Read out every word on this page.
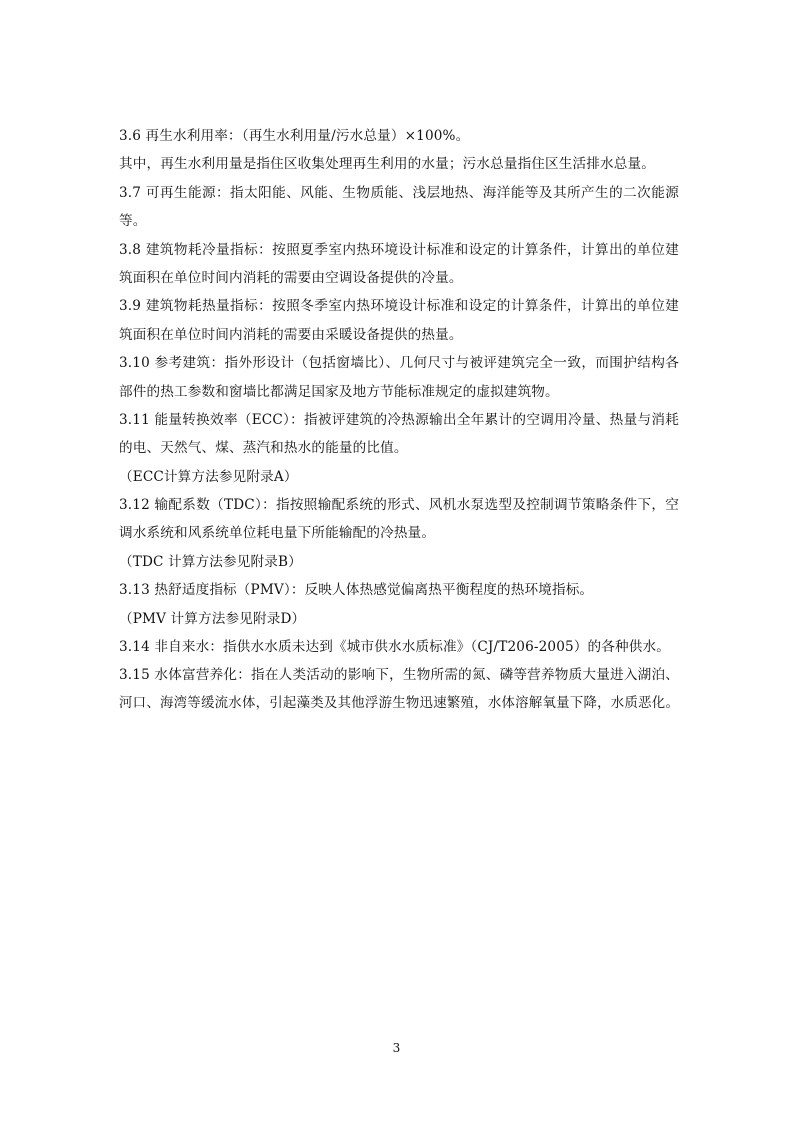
3.6 再生水利用率：（再生水利用量/污水总量）×100%。
其中，再生水利用量是指住区收集处理再生利用的水量；污水总量指住区生活排水总量。
3.7 可再生能源：指太阳能、风能、生物质能、浅层地热、海洋能等及其所产生的二次能源
等。
3.8 建筑物耗冷量指标：按照夏季室内热环境设计标准和设定的计算条件，计算出的单位建
筑面积在单位时间内消耗的需要由空调设备提供的冷量。
3.9 建筑物耗热量指标：按照冬季室内热环境设计标准和设定的计算条件，计算出的单位建
筑面积在单位时间内消耗的需要由采暖设备提供的热量。
3.10 参考建筑：指外形设计（包括窗墙比）、几何尺寸与被评建筑完全一致，而围护结构各
部件的热工参数和窗墙比都满足国家及地方节能标准规定的虚拟建筑物。
3.11 能量转换效率（ECC）：指被评建筑的冷热源输出全年累计的空调用冷量、热量与消耗
的电、天然气、煤、蒸汽和热水的能量的比值。
（ECC计算方法参见附录A）
3.12 输配系数（TDC）：指按照输配系统的形式、风机水泵选型及控制调节策略条件下，空
调水系统和风系统单位耗电量下所能输配的冷热量。
（TDC 计算方法参见附录B）
3.13 热舒适度指标（PMV）：反映人体热感觉偏离热平衡程度的热环境指标。
（PMV 计算方法参见附录D）
3.14 非自来水：指供水水质未达到《城市供水水质标准》（CJ/T206-2005）的各种供水。
3.15 水体富营养化：指在人类活动的影响下，生物所需的氮、磷等营养物质大量进入湖泊、
河口、海湾等缓流水体，引起藻类及其他浮游生物迅速繁殖，水体溶解氧量下降，水质恶化。
3
